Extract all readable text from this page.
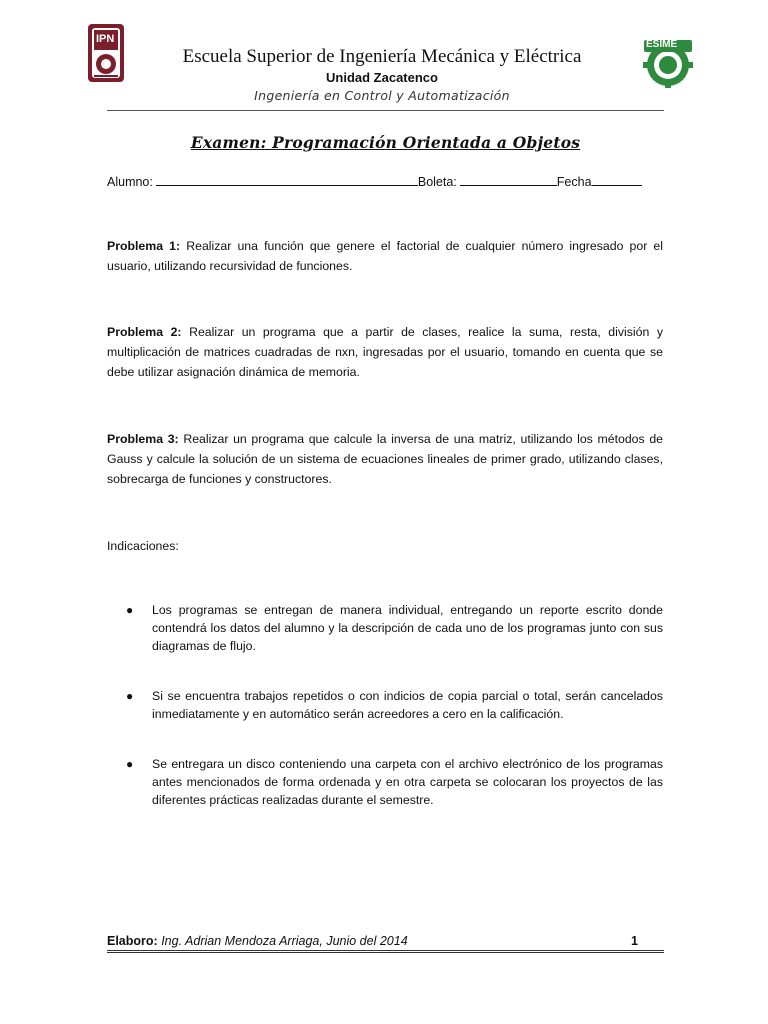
IPN	ESIME
Escuela Superior de Ingeniería Mecánica y Eléctrica
Unidad Zacatenco
Ingeniería en Control y Automatización
Examen: Programación Orientada a Objetos
Alumno:	Boleta:	Fecha
Problema 1: Realizar una función que genere el factorial de cualquier número ingresado por el usuario, utilizando recursividad de funciones.
Problema 2: Realizar un programa que a partir de clases, realice la suma, resta, división y multiplicación de matrices cuadradas de nxn, ingresadas por el usuario, tomando en cuenta que se debe utilizar asignación dinámica de memoria.
Problema 3: Realizar un programa que calcule la inversa de una matriz, utilizando los métodos de Gauss y calcule la solución de un sistema de ecuaciones lineales de primer grado, utilizando clases, sobrecarga de funciones y constructores.
Indicaciones:
● Los programas se entregan de manera individual, entregando un reporte escrito donde contendrá los datos del alumno y la descripción de cada uno de los programas junto con sus diagramas de flujo.
● Si se encuentra trabajos repetidos o con indicios de copia parcial o total, serán cancelados inmediatamente y en automático serán acreedores a cero en la calificación.
● Se entregara un disco conteniendo una carpeta con el archivo electrónico de los programas antes mencionados de forma ordenada y en otra carpeta se colocaran los proyectos de las diferentes prácticas realizadas durante el semestre.
Elaboro: Ing. Adrian Mendoza Arriaga, Junio del 2014	1
